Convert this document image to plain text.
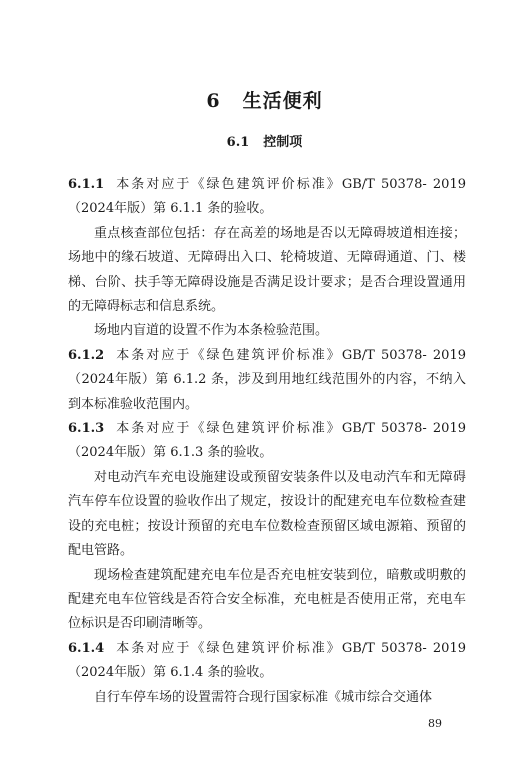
6 生活便利
6.1 控制项

6.1.1 本条对应于《绿色建筑评价标准》GB/T 50378- 2019（2024年版）第 6.1.1 条的验收。

重点核查部位包括：存在高差的场地是否以无障碍坡道相连接；场地中的缘石坡道、无障碍出入口、轮椅坡道、无障碍通道、门、楼梯、台阶、扶手等无障碍设施是否满足设计要求；是否合理设置通用的无障碍标志和信息系统。

场地内盲道的设置不作为本条检验范围。

6.1.2 本条对应于《绿色建筑评价标准》GB/T 50378- 2019（2024年版）第 6.1.2 条，涉及到用地红线范围外的内容，不纳入到本标准验收范围内。

6.1.3 本条对应于《绿色建筑评价标准》GB/T 50378- 2019（2024年版）第 6.1.3 条的验收。

对电动汽车充电设施建设或预留安装条件以及电动汽车和无障碍汽车停车位设置的验收作出了规定，按设计的配建充电车位数检查建设的充电桩；按设计预留的充电车位数检查预留区域电源箱、预留的配电管路。

现场检查建筑配建充电车位是否充电桩安装到位，暗敷或明敷的配建充电车位管线是否符合安全标准，充电桩是否使用正常，充电车位标识是否印刷清晰等。

6.1.4 本条对应于《绿色建筑评价标准》GB/T 50378- 2019（2024年版）第 6.1.4 条的验收。

自行车停车场的设置需符合现行国家标准《城市综合交通体

89
